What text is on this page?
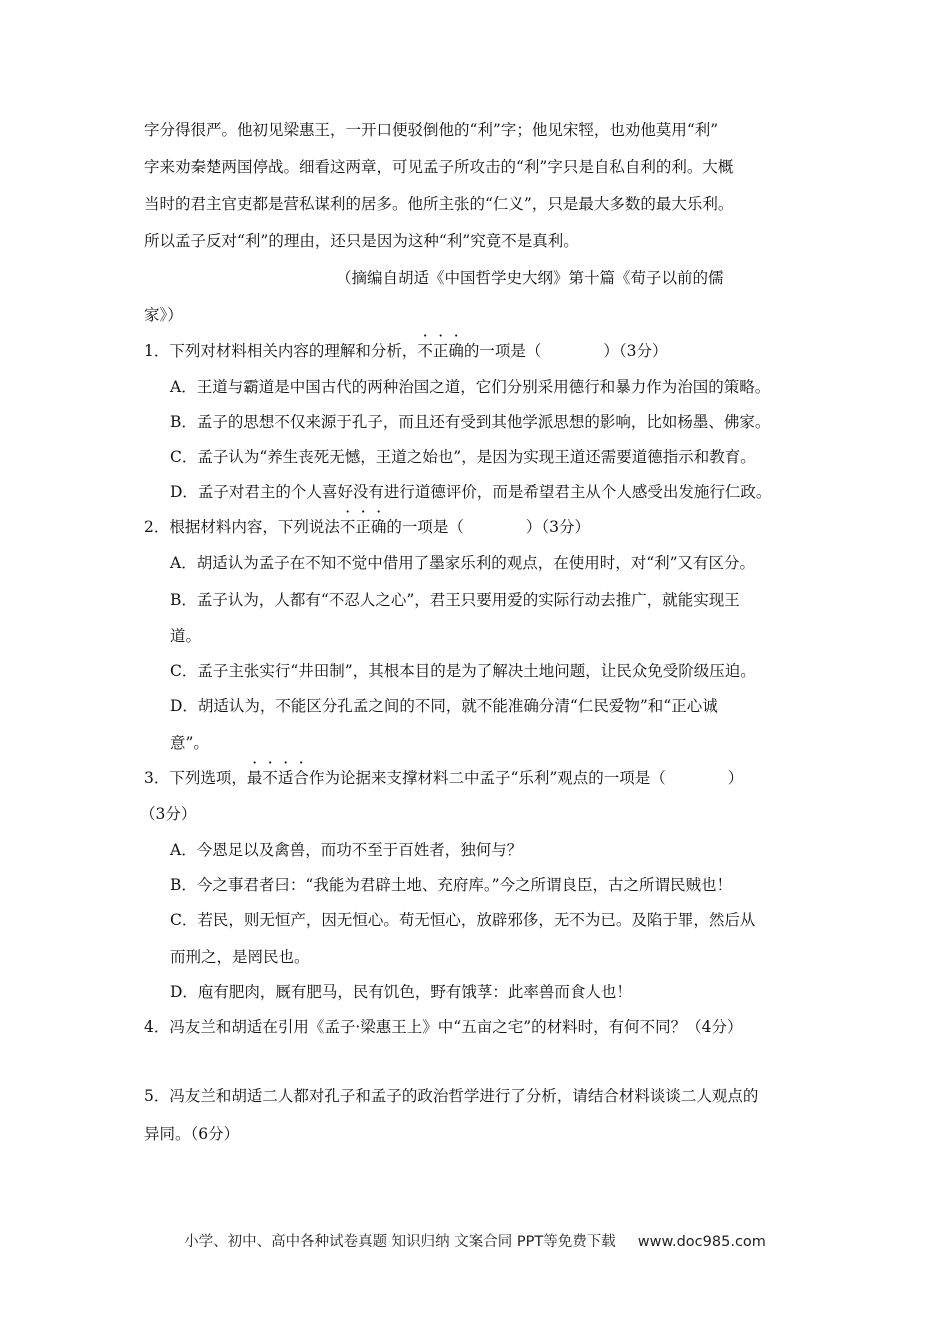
字分得很严。他初见梁惠王，一开口便驳倒他的“利”字；他见宋牼，也劝他莫用“利”
字来劝秦楚两国停战。细看这两章，可见孟子所攻击的“利”字只是自私自利的利。大概
当时的君主官吏都是营私谋利的居多。他所主张的“仁义”，只是最大多数的最大乐利。
所以孟子反对“利”的理由，还只是因为这种“利”究竟不是真利。
（摘编自胡适《中国哲学史大纲》第十篇《荀子以前的儒
家》）
1．下列对材料相关内容的理解和分析，不正确的一项是（　　　　）（3分）
A．王道与霸道是中国古代的两种治国之道，它们分别采用德行和暴力作为治国的策略。
B．孟子的思想不仅来源于孔子，而且还有受到其他学派思想的影响，比如杨墨、佛家。
C．孟子认为“养生丧死无憾，王道之始也”，是因为实现王道还需要道德指示和教育。
D．孟子对君主的个人喜好没有进行道德评价，而是希望君主从个人感受出发施行仁政。
2．根据材料内容，下列说法不正确的一项是（　　　　）（3分）
A．胡适认为孟子在不知不觉中借用了墨家乐利的观点，在使用时，对“利”又有区分。
B．孟子认为，人都有“不忍人之心”，君王只要用爱的实际行动去推广，就能实现王
道。
C．孟子主张实行“井田制”，其根本目的是为了解决土地问题，让民众免受阶级压迫。
D．胡适认为，不能区分孔孟之间的不同，就不能准确分清“仁民爱物”和“正心诚
意”。
3．下列选项，最不适合作为论据来支撑材料二中孟子“乐利”观点的一项是（　　　　）
（3分）
A．今恩足以及禽兽，而功不至于百姓者，独何与？
B．今之事君者曰：“我能为君辟土地、充府库。”今之所谓良臣，古之所谓民贼也！
C．若民，则无恒产，因无恒心。苟无恒心，放辟邪侈，无不为已。及陷于罪，然后从
而刑之，是罔民也。
D．庖有肥肉，厩有肥马，民有饥色，野有饿莩：此率兽而食人也！
4．冯友兰和胡适在引用《孟子·梁惠王上》中“五亩之宅”的材料时，有何不同？（4分）
5．冯友兰和胡适二人都对孔子和孟子的政治哲学进行了分析，请结合材料谈谈二人观点的
异同。（6分）
小学、初中、高中各种试卷真题 知识归纳 文案合同 PPT等免费下载 www.doc985.com
